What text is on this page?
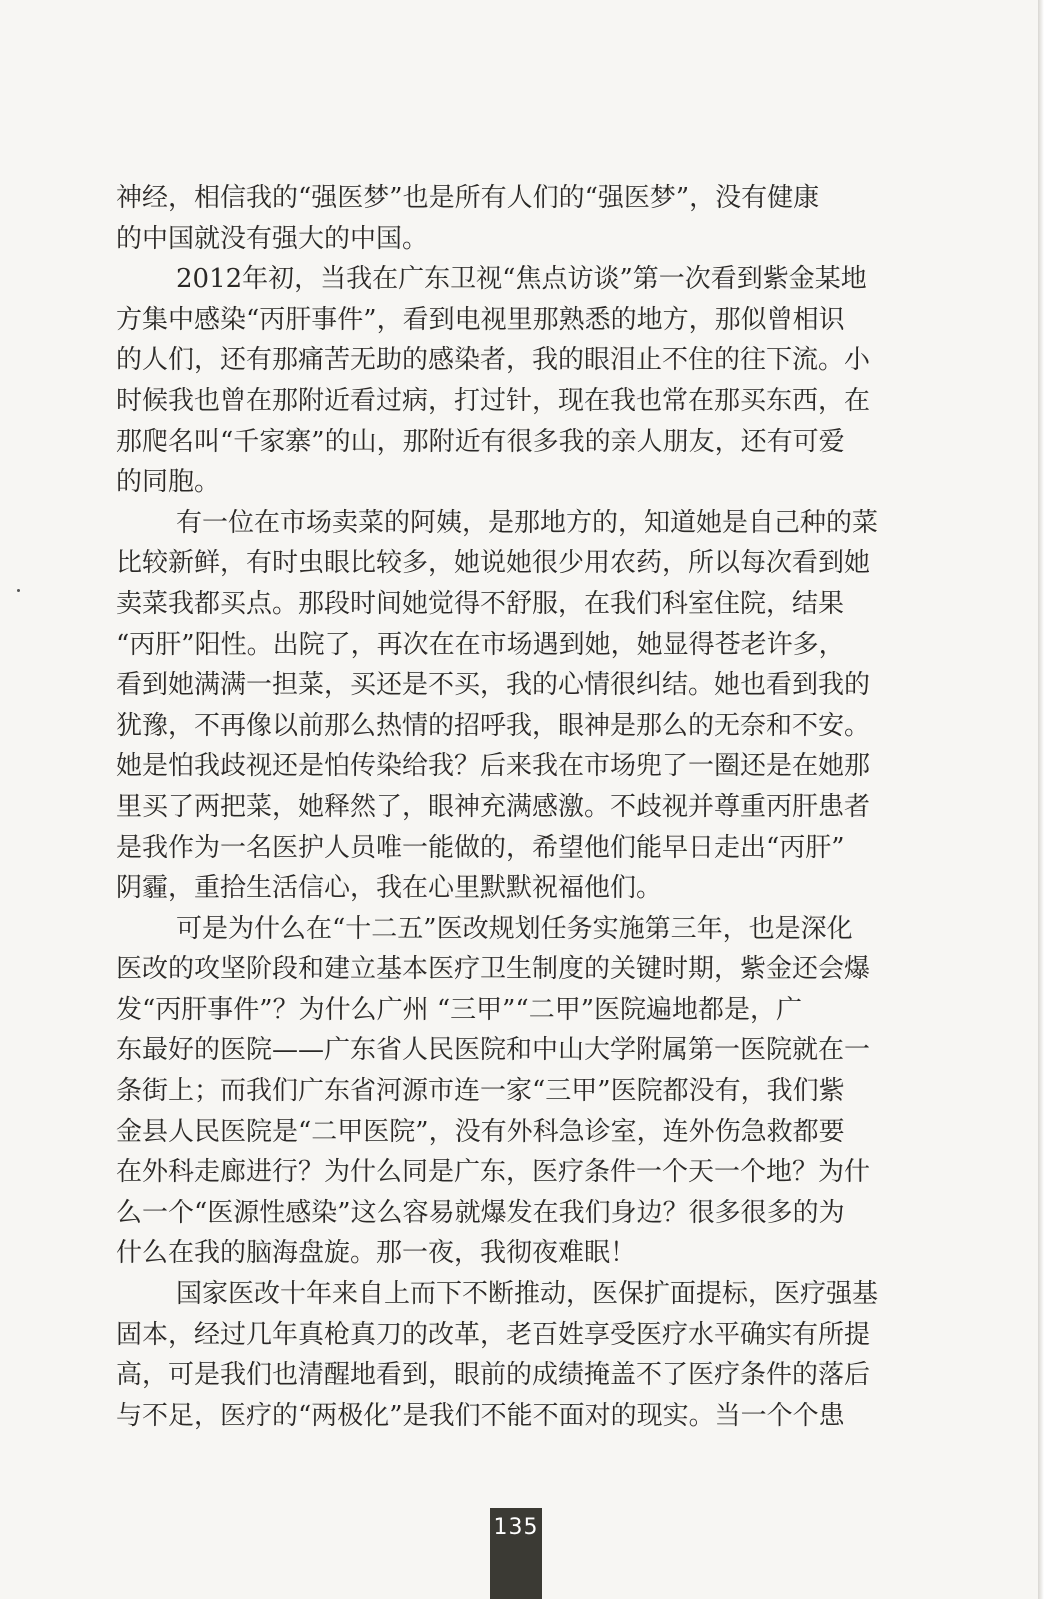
神经，相信我的“强医梦”也是所有人们的“强医梦”，没有健康
的中国就没有强大的中国。
2012年初，当我在广东卫视“焦点访谈”第一次看到紫金某地
方集中感染“丙肝事件”，看到电视里那熟悉的地方，那似曾相识
的人们，还有那痛苦无助的感染者，我的眼泪止不住的往下流。小
时候我也曾在那附近看过病，打过针，现在我也常在那买东西，在
那爬名叫“千家寨”的山，那附近有很多我的亲人朋友，还有可爱
的同胞。
有一位在市场卖菜的阿姨，是那地方的，知道她是自己种的菜
比较新鲜，有时虫眼比较多，她说她很少用农药，所以每次看到她
卖菜我都买点。那段时间她觉得不舒服，在我们科室住院，结果
“丙肝”阳性。出院了，再次在在市场遇到她，她显得苍老许多，
看到她满满一担菜，买还是不买，我的心情很纠结。她也看到我的
犹豫，不再像以前那么热情的招呼我，眼神是那么的无奈和不安。
她是怕我歧视还是怕传染给我？后来我在市场兜了一圈还是在她那
里买了两把菜，她释然了，眼神充满感激。不歧视并尊重丙肝患者
是我作为一名医护人员唯一能做的，希望他们能早日走出“丙肝”
阴霾，重拾生活信心，我在心里默默祝福他们。
可是为什么在“十二五”医改规划任务实施第三年，也是深化
医改的攻坚阶段和建立基本医疗卫生制度的关键时期，紫金还会爆
发“丙肝事件”？为什么广州 “三甲”“二甲”医院遍地都是，广
东最好的医院——广东省人民医院和中山大学附属第一医院就在一
条街上；而我们广东省河源市连一家“三甲”医院都没有，我们紫
金县人民医院是“二甲医院”，没有外科急诊室，连外伤急救都要
在外科走廊进行？为什么同是广东，医疗条件一个天一个地？为什
么一个“医源性感染”这么容易就爆发在我们身边？很多很多的为
什么在我的脑海盘旋。那一夜，我彻夜难眠！
国家医改十年来自上而下不断推动，医保扩面提标，医疗强基
固本，经过几年真枪真刀的改革，老百姓享受医疗水平确实有所提
高，可是我们也清醒地看到，眼前的成绩掩盖不了医疗条件的落后
与不足，医疗的“两极化”是我们不能不面对的现实。当一个个患
135
